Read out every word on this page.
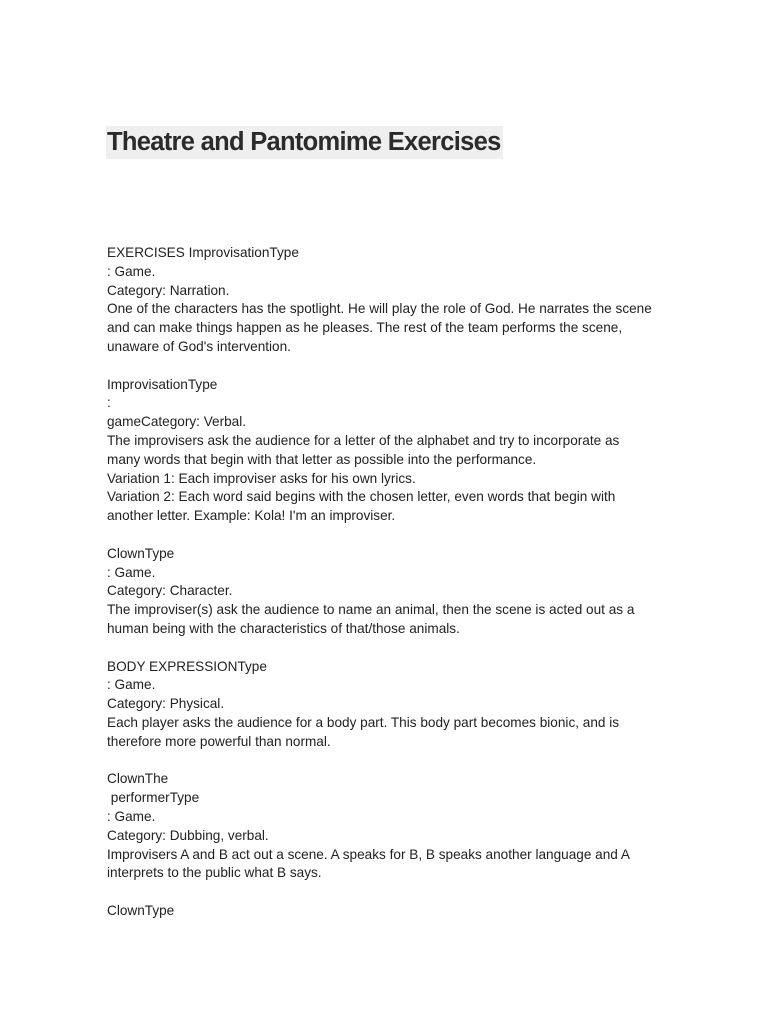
Theatre and Pantomime Exercises
EXERCISES ImprovisationType
: Game.
Category: Narration.
One of the characters has the spotlight. He will play the role of God. He narrates the scene
and can make things happen as he pleases. The rest of the team performs the scene,
unaware of God's intervention.
ImprovisationType
:
gameCategory: Verbal.
The improvisers ask the audience for a letter of the alphabet and try to incorporate as
many words that begin with that letter as possible into the performance.
Variation 1: Each improviser asks for his own lyrics.
Variation 2: Each word said begins with the chosen letter, even words that begin with
another letter. Example: Kola! I'm an improviser.
ClownType
: Game.
Category: Character.
The improviser(s) ask the audience to name an animal, then the scene is acted out as a
human being with the characteristics of that/those animals.
BODY EXPRESSIONType
: Game.
Category: Physical.
Each player asks the audience for a body part. This body part becomes bionic, and is
therefore more powerful than normal.
ClownThe
performerType
: Game.
Category: Dubbing, verbal.
Improvisers A and B act out a scene. A speaks for B, B speaks another language and A
interprets to the public what B says.
ClownType
